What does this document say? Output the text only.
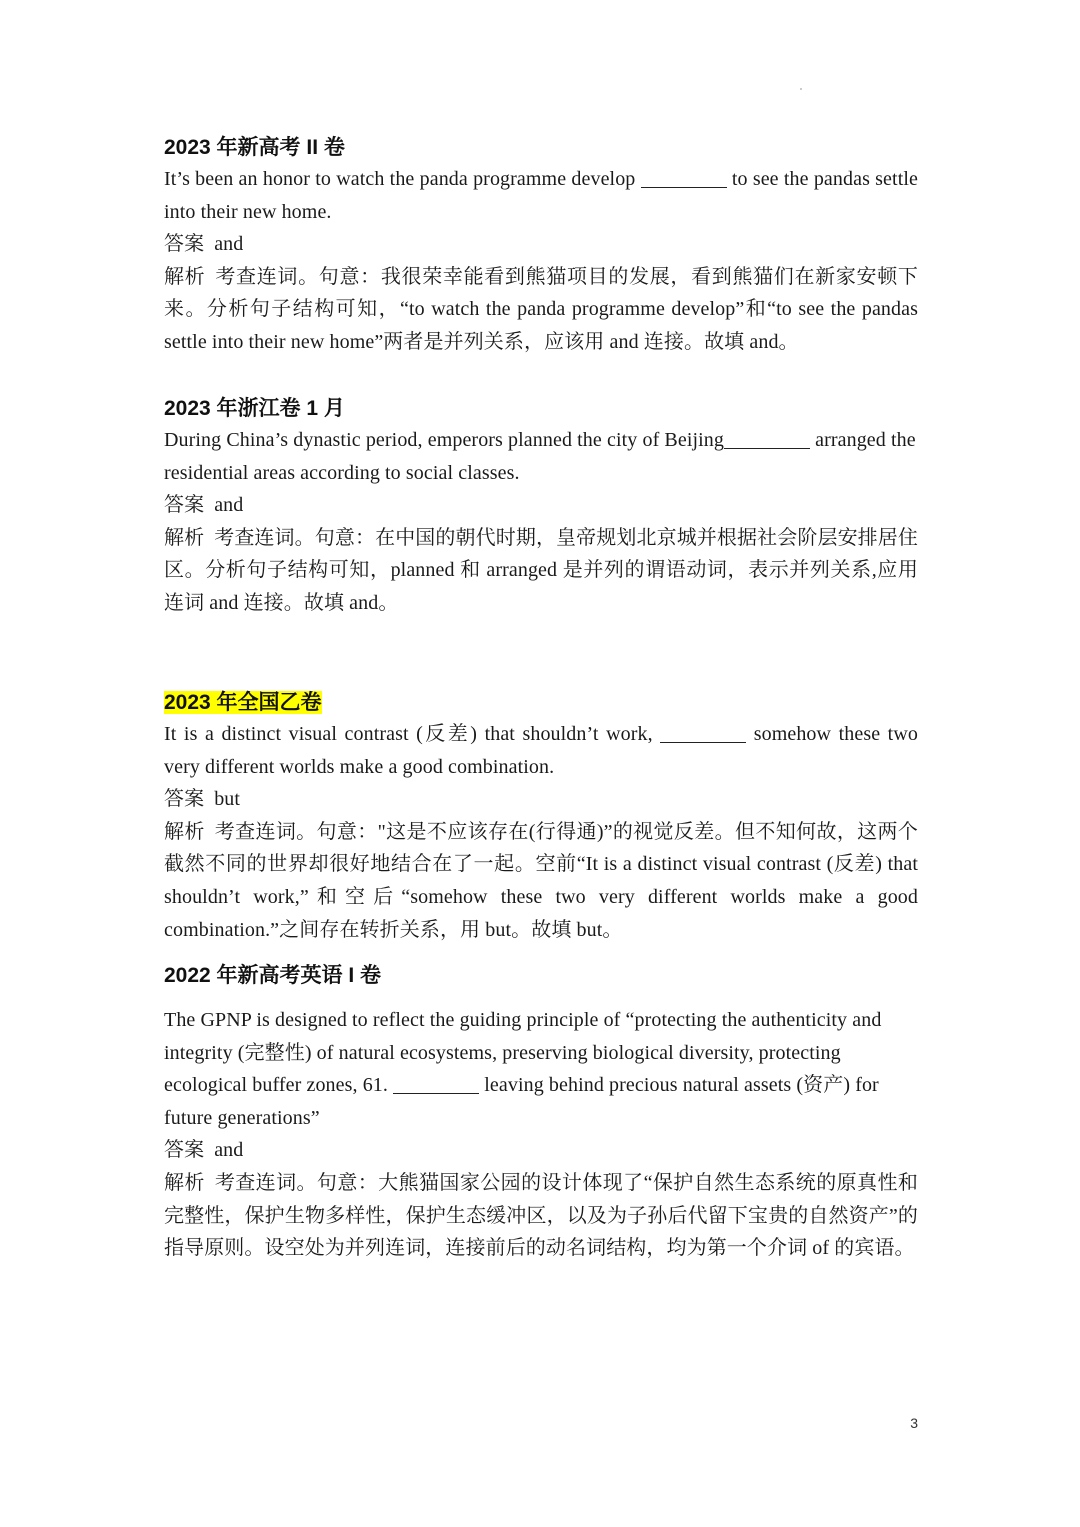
2023 年新高考 II 卷

It’s been an honor to watch the panda programme develop	to see the pandas settle into their new home.

答案 and

解析 考查连词。句意：我很荣幸能看到熊猫项目的发展，看到熊猫们在新家安顿下来。分析句子结构可知，“to watch the panda programme develop”和“to see the pandas settle into their new home”两者是并列关系，应该用 and 连接。故填 and。

2023 年浙江卷 1 月

During China’s dynastic period, emperors planned the city of Beijing	arranged the residential areas according to social classes.

答案 and

解析 考查连词。句意：在中国的朝代时期，皇帝规划北京城并根据社会阶层安排居住区。分析句子结构可知，planned 和 arranged 是并列的谓语动词，表示并列关系,应用连词 and 连接。故填 and。

2023 年全国乙卷

It is a distinct visual contrast (反差) that shouldn’t work,	somehow these two very different worlds make a good combination.

答案 but

解析 考查连词。句意："这是不应该存在(行得通)”的视觉反差。但不知何故，这两个截然不同的世界却很好地结合在了一起。空前“It is a distinct visual contrast (反差) that shouldn’t work,”和空后“somehow these two very different worlds make a good combination.”之间存在转折关系，用 but。故填 but。

2022 年新高考英语 I 卷

The GPNP is designed to reflect the guiding principle of “protecting the authenticity and integrity (完整性) of natural ecosystems, preserving biological diversity, protecting ecological buffer zones, 61.	leaving behind precious natural assets (资产) for future generations”

答案 and

解析 考查连词。句意：大熊猫国家公园的设计体现了“保护自然生态系统的原真性和完整性，保护生物多样性，保护生态缓冲区，以及为子孙后代留下宝贵的自然资产”的指导原则。设空处为并列连词，连接前后的动名词结构，均为第一个介词 of 的宾语。

3
